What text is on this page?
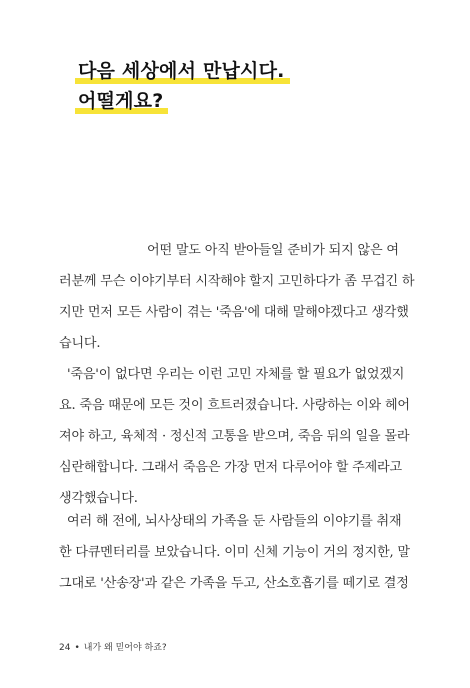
다음 세상에서 만납시다.
어떨게요?

어떤 말도 아직 받아들일 준비가 되지 않은 여

러분께 무슨 이야기부터 시작해야 할지 고민하다가 좀 무겁긴 하

지만 먼저 모든 사람이 겪는 '죽음'에 대해 말해야겠다고 생각했

습니다.

'죽음'이 없다면 우리는 이런 고민 자체를 할 필요가 없었겠지

요. 죽음 때문에 모든 것이 흐트러졌습니다. 사랑하는 이와 헤어

져야 하고, 육체적 · 정신적 고통을 받으며, 죽음 뒤의 일을 몰라

심란해합니다. 그래서 죽음은 가장 먼저 다루어야 할 주제라고

생각했습니다.

여러 해 전에, 뇌사상태의 가족을 둔 사람들의 이야기를 취재

한 다큐멘터리를 보았습니다. 이미 신체 기능이 거의 정지한, 말

그대로 '산송장'과 같은 가족을 두고, 산소호흡기를 떼기로 결정

24 • 내가 왜 믿어야 하죠?
